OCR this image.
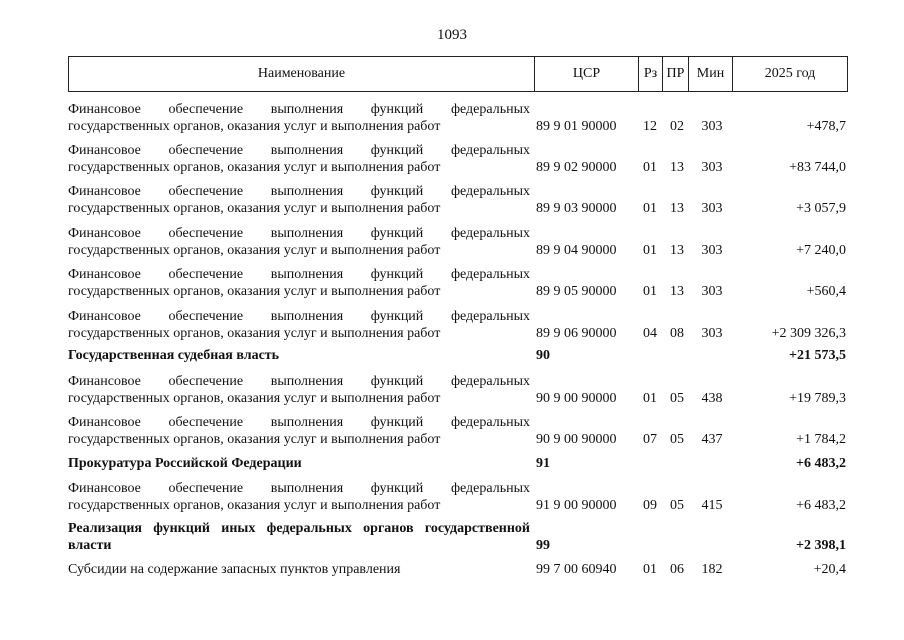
1093
Наименование	ЦСР	Рз ПР Мин	2025 год
Финансовое обеспечение выполнения функций федеральных
государственных органов, оказания услуг и выполнения работ	89 9 01 90000	12 02	303	+478,7
Финансовое обеспечение выполнения функций федеральных
государственных органов, оказания услуг и выполнения работ	89 9 02 90000	01 13	303	+83 744,0
Финансовое обеспечение выполнения функций федеральных
государственных органов, оказания услуг и выполнения работ	89 9 03 90000	01 13	303	+3 057,9
Финансовое обеспечение выполнения функций федеральных
государственных органов, оказания услуг и выполнения работ	89 9 04 90000	01 13	303	+7 240,0
Финансовое обеспечение выполнения функций федеральных
государственных органов, оказания услуг и выполнения работ	89 9 05 90000	01 13	303	+560,4
Финансовое обеспечение выполнения функций федеральных
государственных органов, оказания услуг и выполнения работ	89 9 06 90000	04 08	303	+2 309 326,3
Государственная судебная власть	90	+21 573,5
Финансовое обеспечение выполнения функций федеральных
государственных органов, оказания услуг и выполнения работ	90 9 00 90000	01 05	438	+19 789,3
Финансовое обеспечение выполнения функций федеральных
государственных органов, оказания услуг и выполнения работ	90 9 00 90000	07 05	437	+1 784,2
Прокуратура Российской Федерации	91	+6 483,2
Финансовое обеспечение выполнения функций федеральных
государственных органов, оказания услуг и выполнения работ	91 9 00 90000	09 05	415	+6 483,2
Реализация функций иных федеральных органов государственной
власти	99	+2 398,1
Субсидии на содержание запасных пунктов управления	99 7 00 60940	01 06	182	+20,4
